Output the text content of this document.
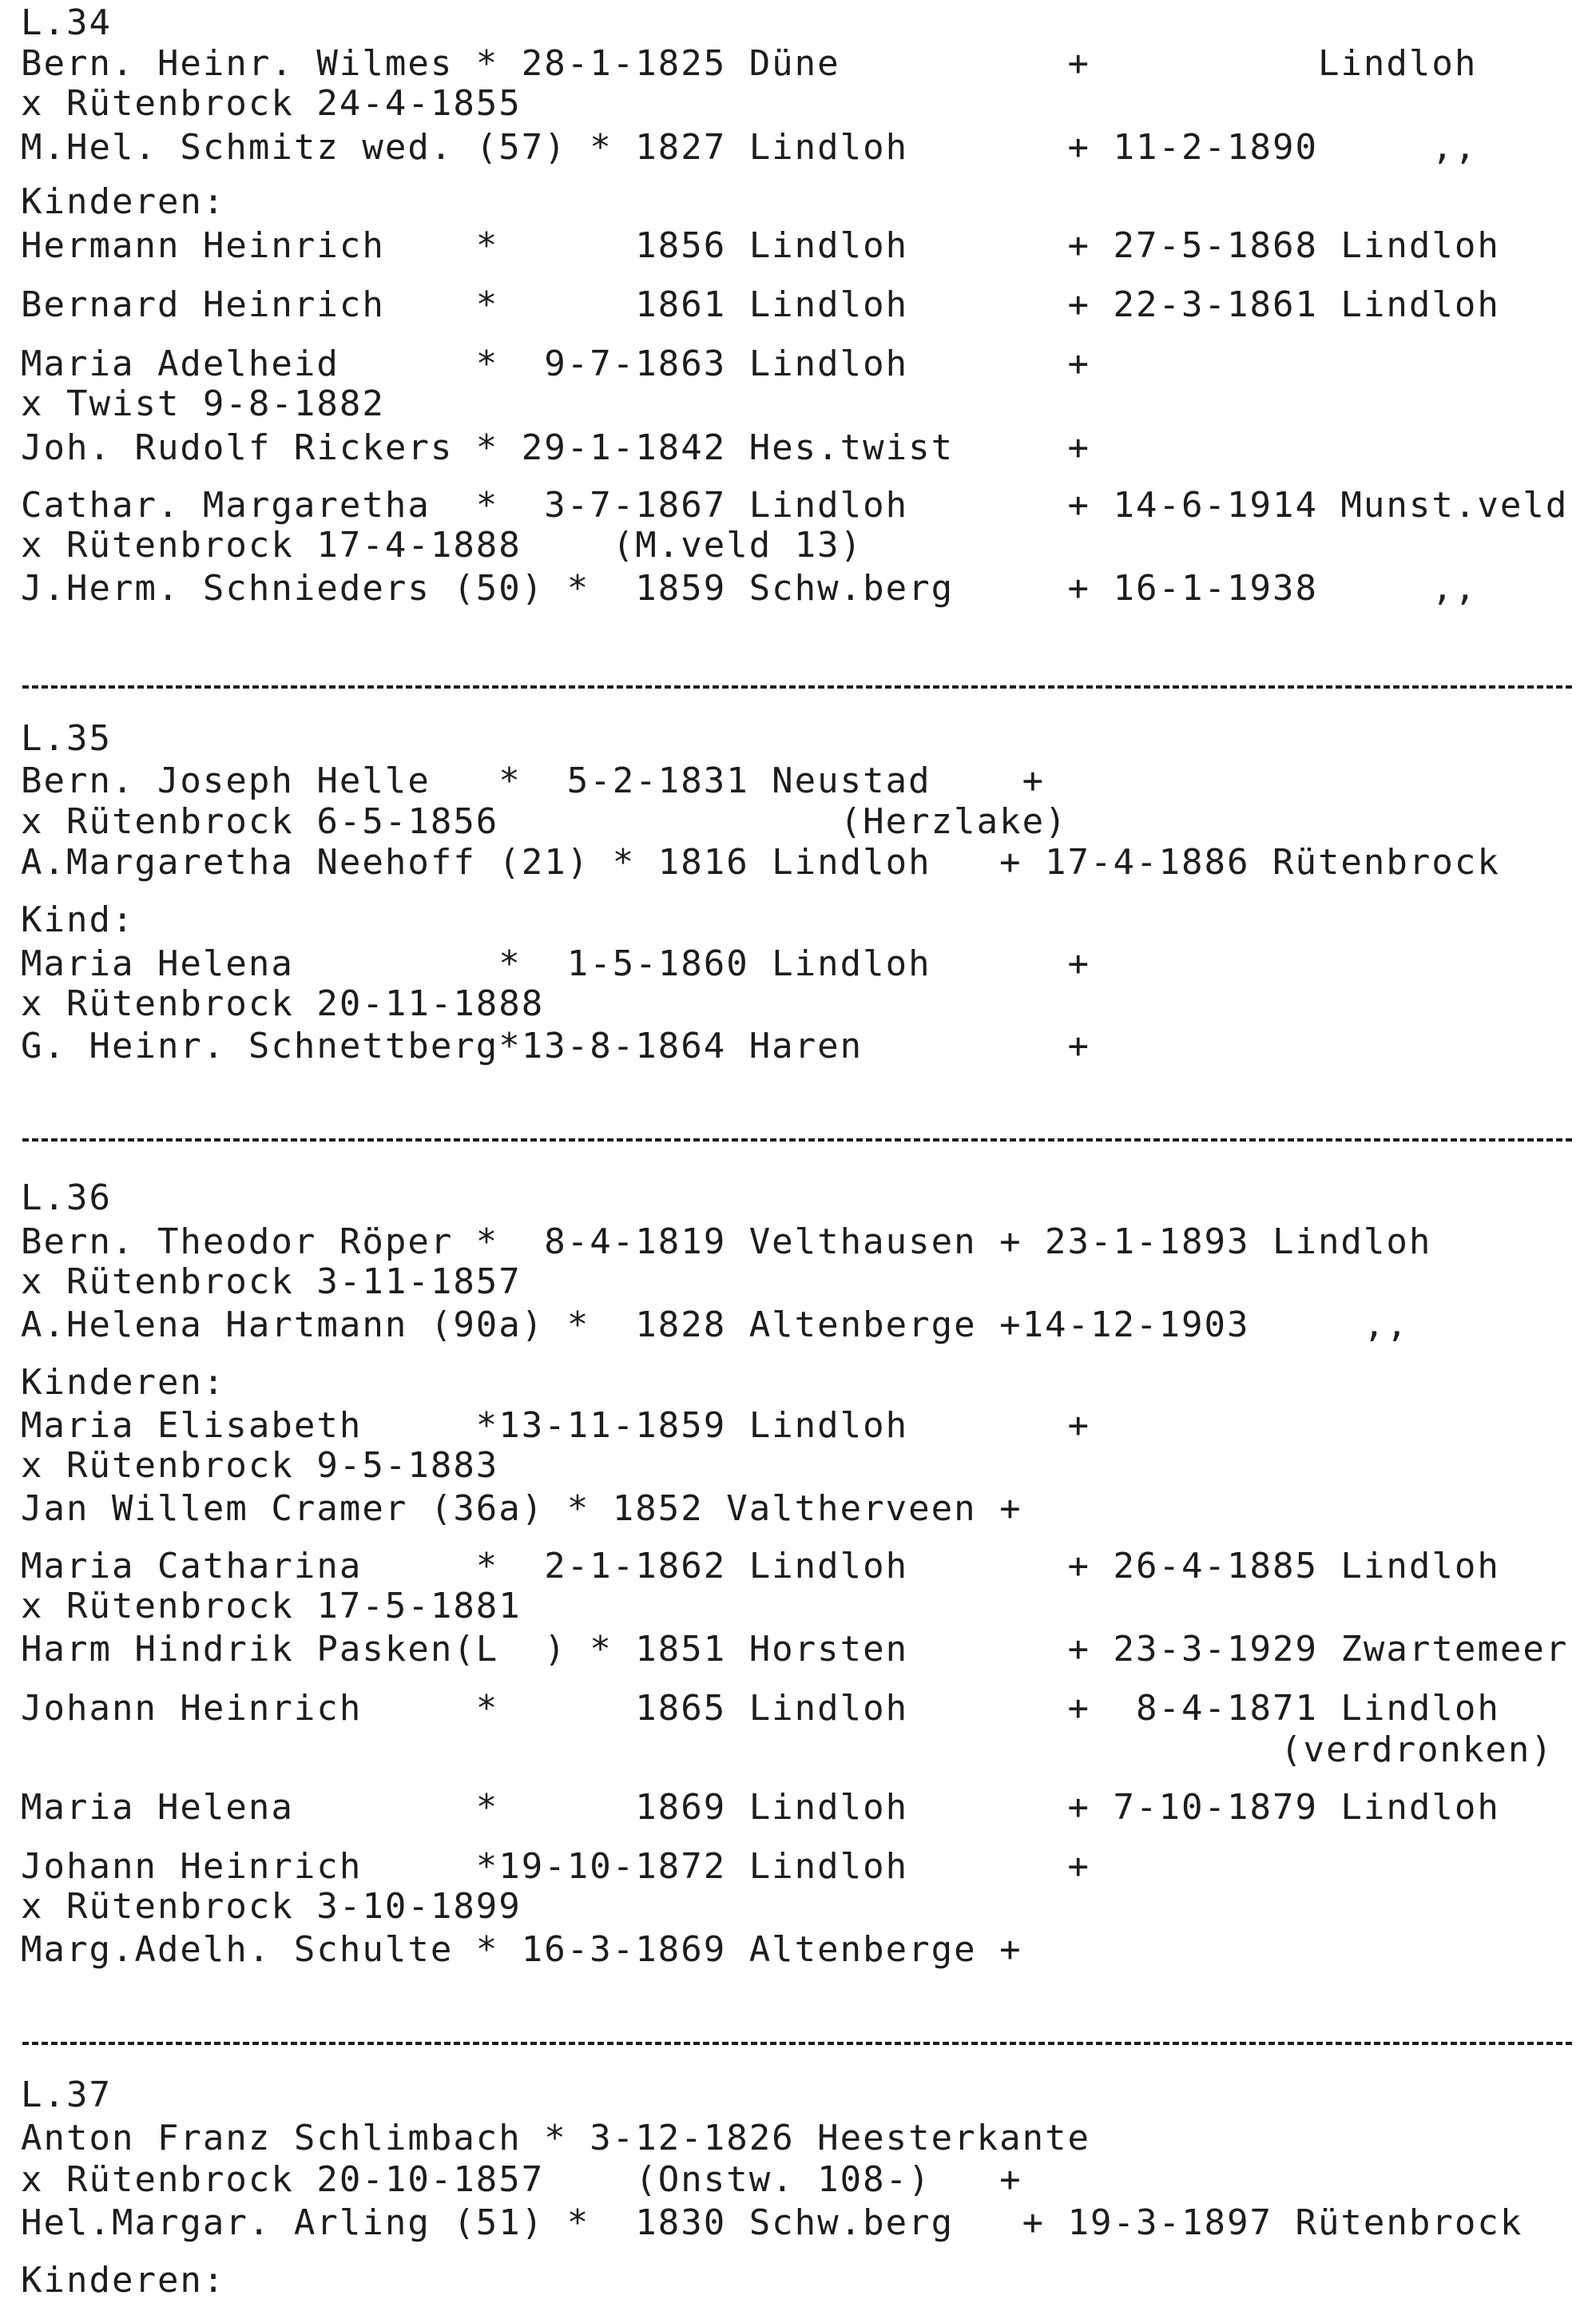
L.34
Bern. Heinr. Wilmes * 28-1-1825 Düne          +          Lindloh
x Rütenbrock 24-4-1855
M.Hel. Schmitz wed. (57) * 1827 Lindloh       + 11-2-1890     ,,
Kinderen:
Hermann Heinrich    *      1856 Lindloh       + 27-5-1868 Lindloh
Bernard Heinrich    *      1861 Lindloh       + 22-3-1861 Lindloh
Maria Adelheid      *  9-7-1863 Lindloh       +
x Twist 9-8-1882
Joh. Rudolf Rickers * 29-1-1842 Hes.twist     +
Cathar. Margaretha  *  3-7-1867 Lindloh       + 14-6-1914 Munst.veld
x Rütenbrock 17-4-1888    (M.veld 13)
J.Herm. Schnieders (50) *  1859 Schw.berg     + 16-1-1938     ,,
L.35
Bern. Joseph Helle   *  5-2-1831 Neustad    +
x Rütenbrock 6-5-1856               (Herzlake)
A.Margaretha Neehoff (21) * 1816 Lindloh   + 17-4-1886 Rütenbrock
Kind:
Maria Helena         *  1-5-1860 Lindloh      +
x Rütenbrock 20-11-1888
G. Heinr. Schnettberg*13-8-1864 Haren         +
L.36
Bern. Theodor Röper *  8-4-1819 Velthausen + 23-1-1893 Lindloh
x Rütenbrock 3-11-1857
A.Helena Hartmann (90a) *  1828 Altenberge +14-12-1903     ,,
Kinderen:
Maria Elisabeth     *13-11-1859 Lindloh       +
x Rütenbrock 9-5-1883
Jan Willem Cramer (36a) * 1852 Valtherveen +
Maria Catharina     *  2-1-1862 Lindloh       + 26-4-1885 Lindloh
x Rütenbrock 17-5-1881
Harm Hindrik Pasken(L  ) * 1851 Horsten       + 23-3-1929 Zwartemeer
Johann Heinrich     *      1865 Lindloh       +  8-4-1871 Lindloh
(verdronken)
Maria Helena        *      1869 Lindloh       + 7-10-1879 Lindloh
Johann Heinrich     *19-10-1872 Lindloh       +
x Rütenbrock 3-10-1899
Marg.Adelh. Schulte * 16-3-1869 Altenberge +
L.37
Anton Franz Schlimbach * 3-12-1826 Heesterkante
x Rütenbrock 20-10-1857    (Onstw. 108-)   +
Hel.Margar. Arling (51) *  1830 Schw.berg   + 19-3-1897 Rütenbrock
Kinderen:
